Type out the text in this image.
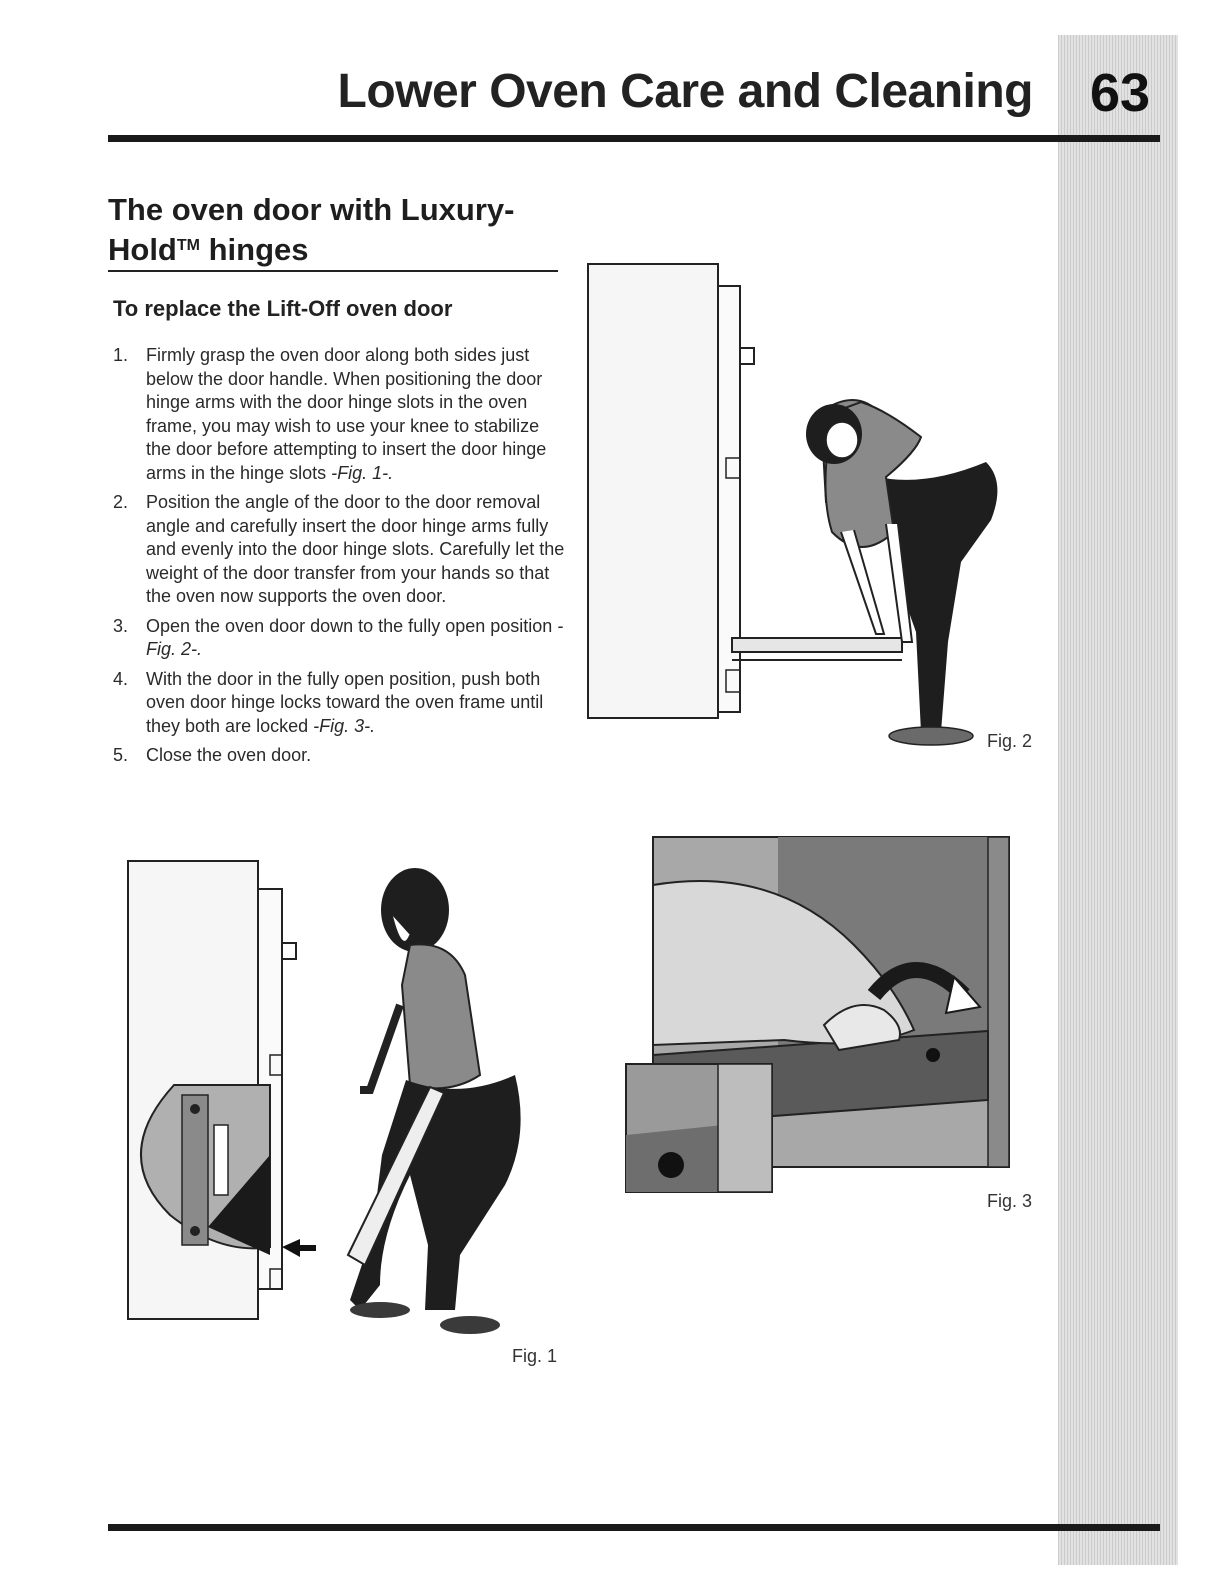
Lower Oven Care and Cleaning	63
The oven door with Luxury-
Hold™ hinges
To replace the Lift-Off oven door
1. Firmly grasp the oven door along both sides just below the door handle. When positioning the door hinge arms with the door hinge slots in the oven frame, you may wish to use your knee to stabilize the door before attempting to insert the door hinge arms in the hinge slots -Fig. 1-.
2. Position the angle of the door to the door removal angle and carefully insert the door hinge arms fully and evenly into the door hinge slots. Carefully let the weight of the door transfer from your hands so that the oven now supports the oven door.
3. Open the oven door down to the fully open position -Fig. 2-.
4. With the door in the fully open position, push both oven door hinge locks toward the oven frame until they both are locked -Fig. 3-.
5. Close the oven door.
Fig. 2
Fig. 3
Fig. 1
